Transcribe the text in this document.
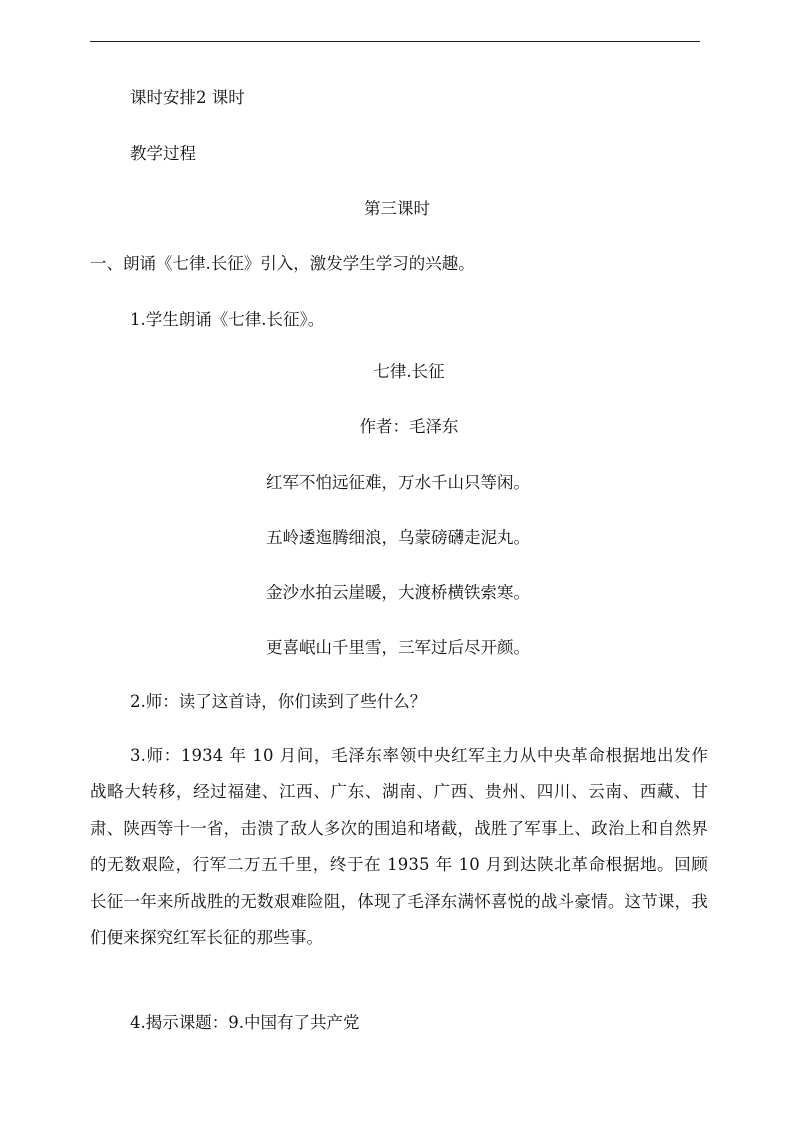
课时安排2 课时
教学过程
第三课时
一、朗诵《七律.长征》引入，激发学生学习的兴趣。
1.学生朗诵《七律.长征》。
七律.长征
作者：毛泽东
红军不怕远征难，万水千山只等闲。
五岭逶迤腾细浪，乌蒙磅礴走泥丸。
金沙水拍云崖暖，大渡桥横铁索寒。
更喜岷山千里雪，三军过后尽开颜。
2.师：读了这首诗，你们读到了些什么？
3.师：1934 年 10 月间，毛泽东率领中央红军主力从中央革命根据地出发作战略大转移，经过福建、江西、广东、湖南、广西、贵州、四川、云南、西藏、甘肃、陕西等十一省，击溃了敌人多次的围追和堵截，战胜了军事上、政治上和自然界的无数艰险，行军二万五千里，终于在 1935 年 10 月到达陕北革命根据地。回顾长征一年来所战胜的无数艰难险阻，体现了毛泽东满怀喜悦的战斗豪情。这节课，我们便来探究红军长征的那些事。
4.揭示课题：9.中国有了共产党
